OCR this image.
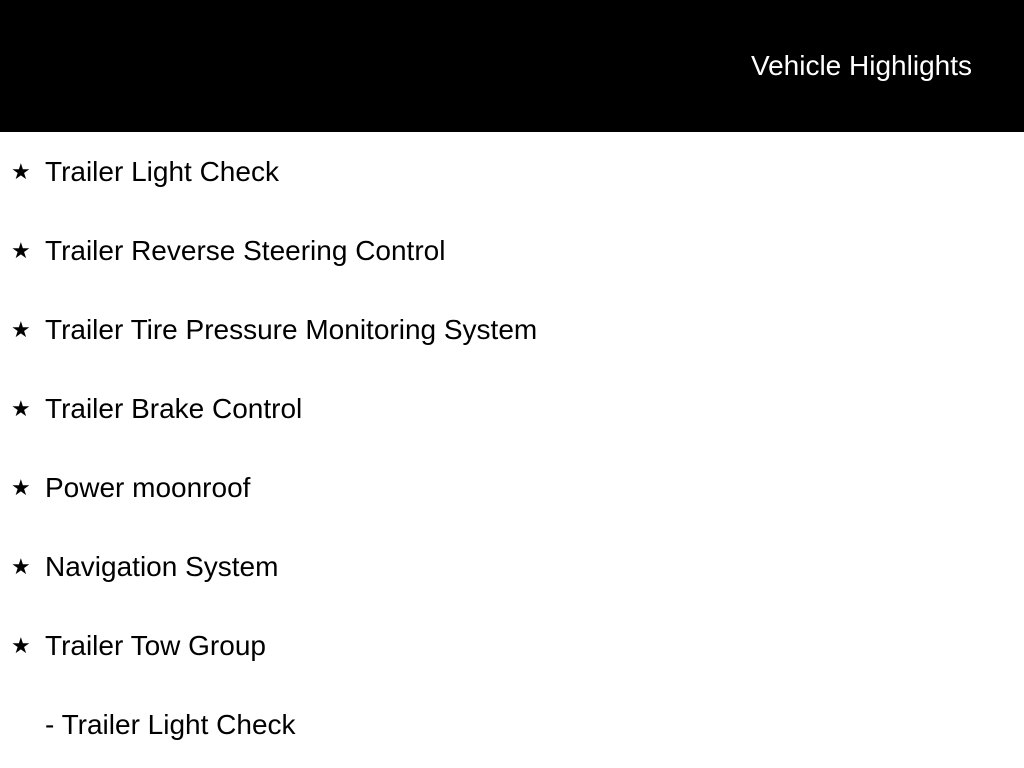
Vehicle Highlights
★ Trailer Light Check
★ Trailer Reverse Steering Control
★ Trailer Tire Pressure Monitoring System
★ Trailer Brake Control
★ Power moonroof
★ Navigation System
★ Trailer Tow Group
- Trailer Light Check
